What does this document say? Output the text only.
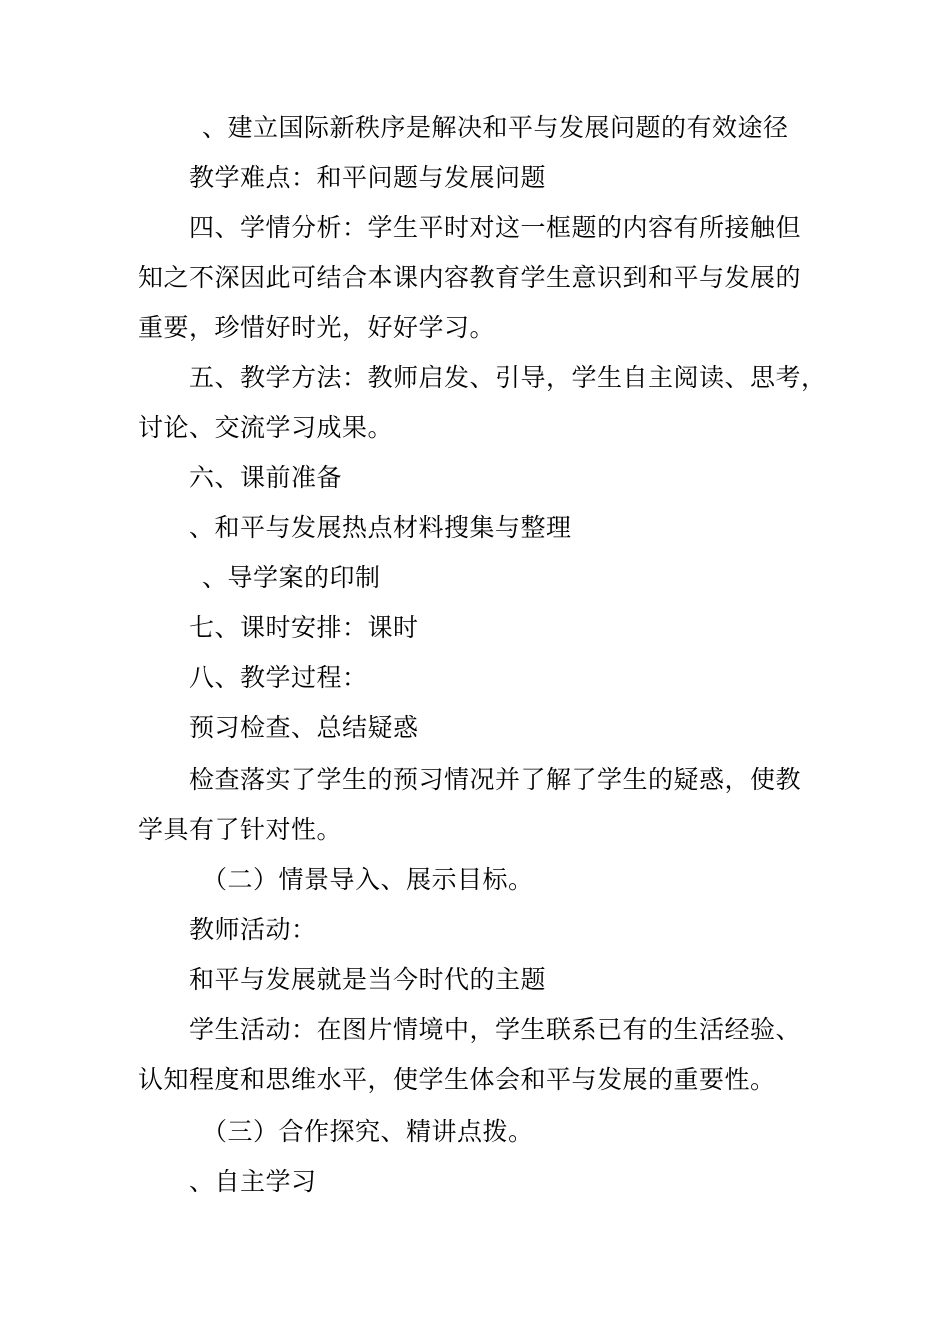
、建立国际新秩序是解决和平与发展问题的有效途径
教学难点：和平问题与发展问题
四、学情分析：学生平时对这一框题的内容有所接触但
知之不深因此可结合本课内容教育学生意识到和平与发展的
重要，珍惜好时光，好好学习。
五、教学方法：教师启发、引导，学生自主阅读、思考，
讨论、交流学习成果。
六、课前准备
、和平与发展热点材料搜集与整理
、导学案的印制
七、课时安排：课时
八、教学过程：
预习检查、总结疑惑
检查落实了学生的预习情况并了解了学生的疑惑，使教
学具有了针对性。
（二）情景导入、展示目标。
教师活动：
和平与发展就是当今时代的主题
学生活动：在图片情境中，学生联系已有的生活经验、
认知程度和思维水平，使学生体会和平与发展的重要性。
（三）合作探究、精讲点拨。
、自主学习
